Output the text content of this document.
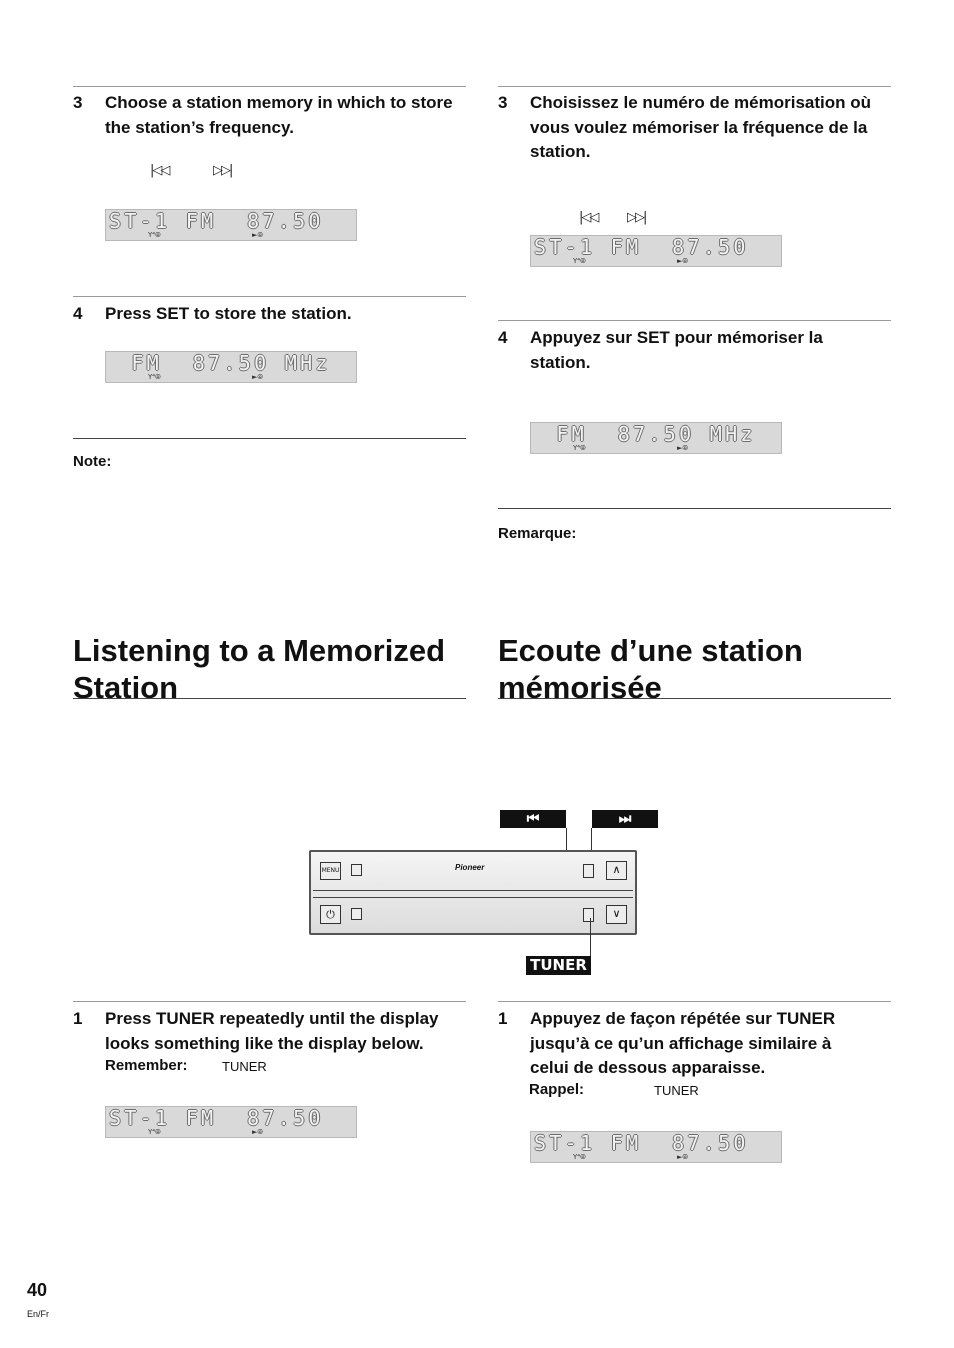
3 Choose a station memory in which to store the station’s frequency.
|◁◁	▷▷|
ST-1 FM  87.50
Y⁴⦾	►⦾
4 Press SET to store the station.
FM  87.50 MHz
Y⁴⦾	►⦾
Note:
Listening to a Memorized Station
3 Choisissez le numéro de mémorisation où vous voulez mémoriser la fréquence de la station.
|◁◁ ▷▷|
ST-1 FM  87.50
Y⁴⦾	►⦾
4 Appuyez sur SET pour mémoriser la station.
FM  87.50 MHz
Y⁴⦾	►⦾
Remarque:
Ecoute d’une station mémorisée
⏮	⏭
MENU	Pioneer	∧
⏻	∨
TUNER
1 Press TUNER repeatedly until the display looks something like the display below.
Remember:	TUNER
ST-1 FM  87.50
Y⁴⦾	►⦾
1 Appuyez de façon répétée sur TUNER jusqu’à ce qu’un affichage similaire à celui de dessous apparaisse.
Rappel:	TUNER
ST-1 FM  87.50
Y⁴⦾	►⦾
40
En/Fr
